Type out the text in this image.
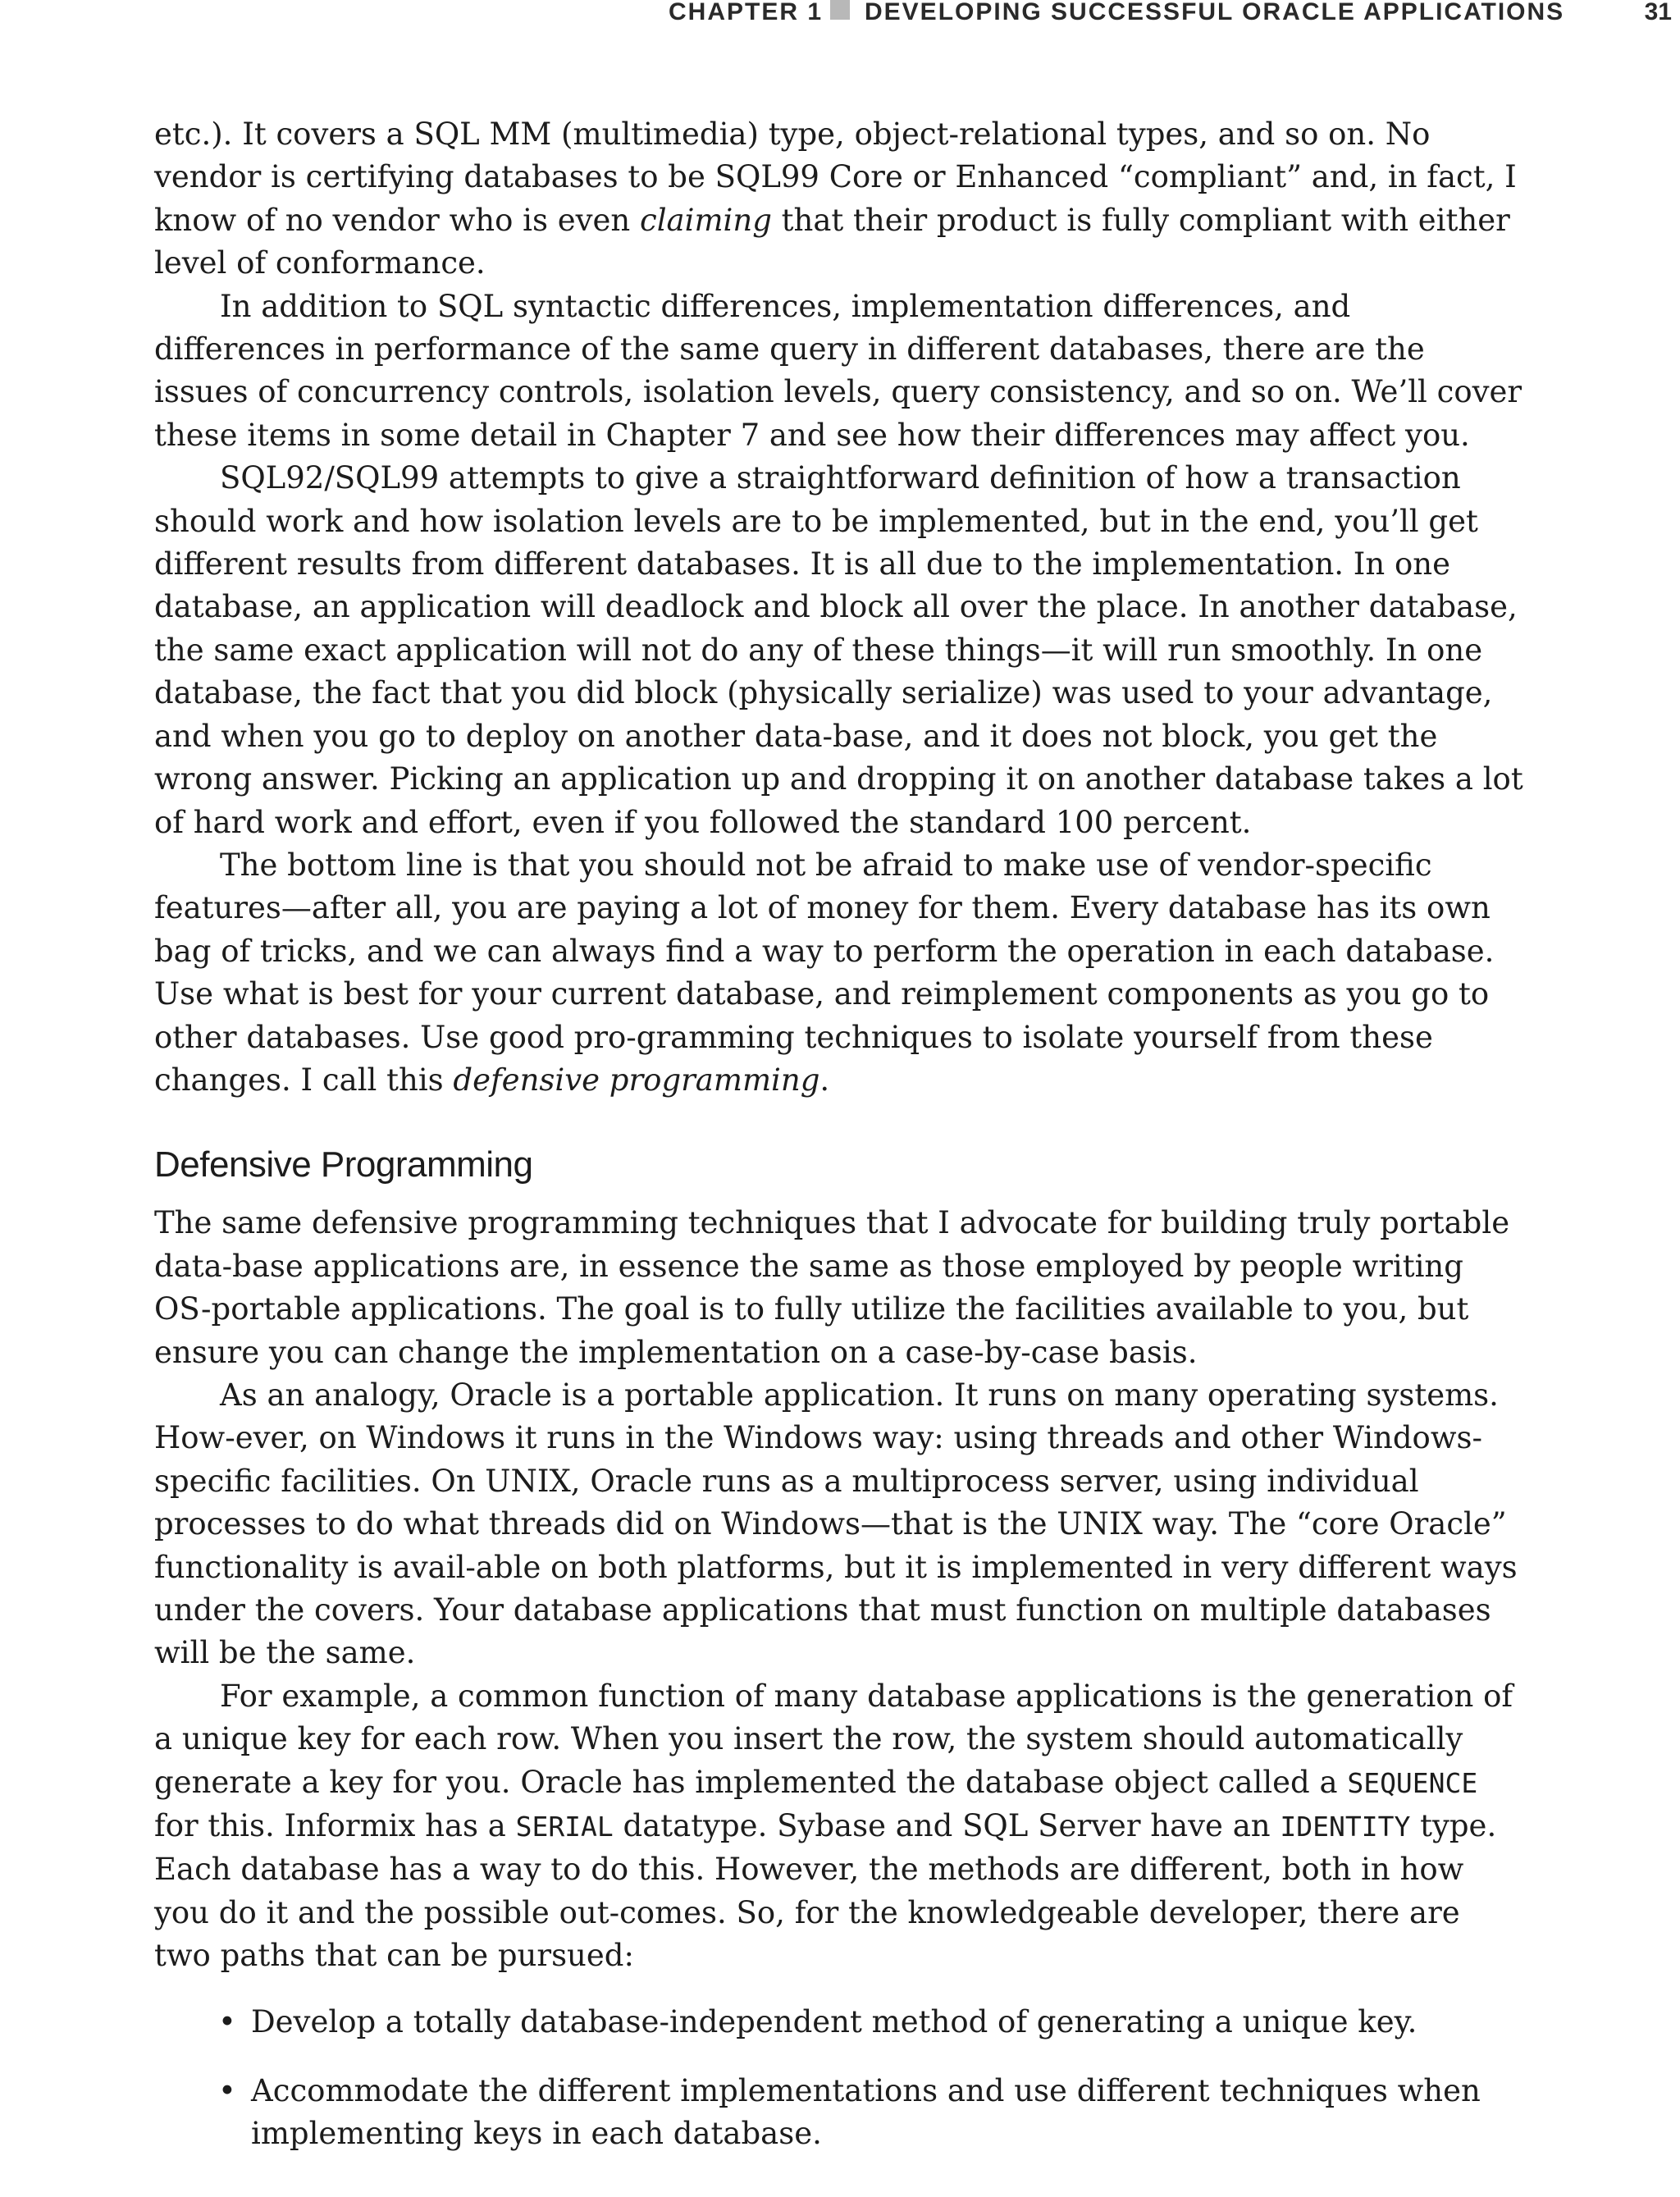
CHAPTER 1 DEVELOPING SUCCESSFUL ORACLE APPLICATIONS	31

etc.). It covers a SQL MM (multimedia) type, object-relational types, and so on. No vendor is certifying databases to be SQL99 Core or Enhanced “compliant” and, in fact, I know of no vendor who is even claiming that their product is fully compliant with either level of conformance.

In addition to SQL syntactic differences, implementation differences, and differences in performance of the same query in different databases, there are the issues of concurrency controls, isolation levels, query consistency, and so on. We’ll cover these items in some detail in Chapter 7 and see how their differences may affect you.

SQL92/SQL99 attempts to give a straightforward definition of how a transaction should work and how isolation levels are to be implemented, but in the end, you’ll get different results from different databases. It is all due to the implementation. In one database, an application will deadlock and block all over the place. In another database, the same exact application will not do any of these things—it will run smoothly. In one database, the fact that you did block (physically serialize) was used to your advantage, and when you go to deploy on another data-base, and it does not block, you get the wrong answer. Picking an application up and dropping it on another database takes a lot of hard work and effort, even if you followed the standard 100 percent.

The bottom line is that you should not be afraid to make use of vendor-specific features—after all, you are paying a lot of money for them. Every database has its own bag of tricks, and we can always find a way to perform the operation in each database. Use what is best for your current database, and reimplement components as you go to other databases. Use good pro-gramming techniques to isolate yourself from these changes. I call this defensive programming.

Defensive Programming

The same defensive programming techniques that I advocate for building truly portable data-base applications are, in essence the same as those employed by people writing OS-portable applications. The goal is to fully utilize the facilities available to you, but ensure you can change the implementation on a case-by-case basis.

As an analogy, Oracle is a portable application. It runs on many operating systems. How-ever, on Windows it runs in the Windows way: using threads and other Windows-specific facilities. On UNIX, Oracle runs as a multiprocess server, using individual processes to do what threads did on Windows—that is the UNIX way. The “core Oracle” functionality is avail-able on both platforms, but it is implemented in very different ways under the covers. Your database applications that must function on multiple databases will be the same.

For example, a common function of many database applications is the generation of a unique key for each row. When you insert the row, the system should automatically generate a key for you. Oracle has implemented the database object called a SEQUENCE for this. Informix has a SERIAL datatype. Sybase and SQL Server have an IDENTITY type. Each database has a way to do this. However, the methods are different, both in how you do it and the possible out-comes. So, for the knowledgeable developer, there are two paths that can be pursued:

• Develop a totally database-independent method of generating a unique key.
• Accommodate the different implementations and use different techniques when implementing keys in each database.
